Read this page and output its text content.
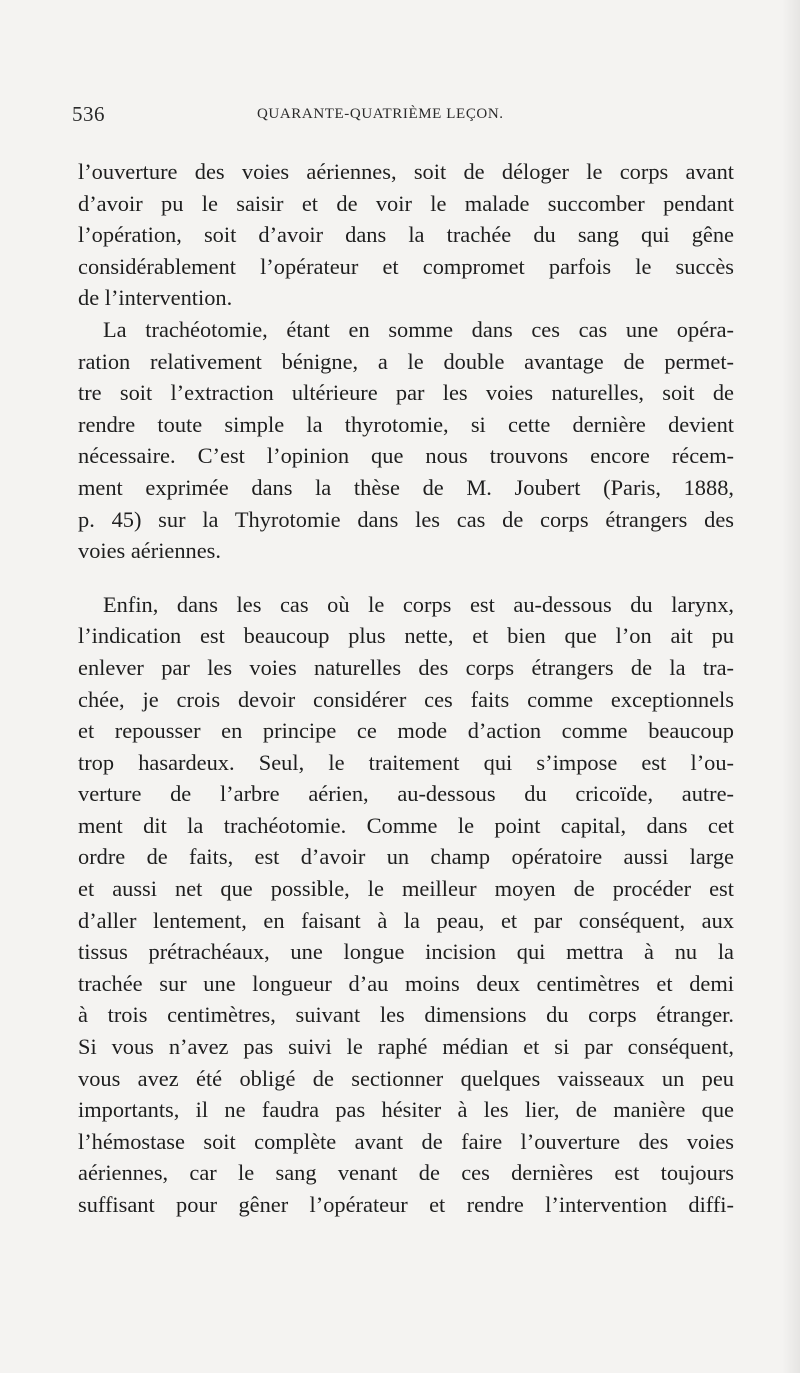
536	QUARANTE-QUATRIÈME LEÇON.

l’ouverture des voies aériennes, soit de déloger le corps avant
d’avoir pu le saisir et de voir le malade succomber pendant
l’opération, soit d’avoir dans la trachée du sang qui gêne
considérablement l’opérateur et compromet parfois le succès
de l’intervention.

La trachéotomie, étant en somme dans ces cas une opéra-
ration relativement bénigne, a le double avantage de permet-
tre soit l’extraction ultérieure par les voies naturelles, soit de
rendre toute simple la thyrotomie, si cette dernière devient
nécessaire. C’est l’opinion que nous trouvons encore récem-
ment exprimée dans la thèse de M. Joubert (Paris, 1888,
p. 45) sur la Thyrotomie dans les cas de corps étrangers des
voies aériennes.

Enfin, dans les cas où le corps est au-dessous du larynx,
l’indication est beaucoup plus nette, et bien que l’on ait pu
enlever par les voies naturelles des corps étrangers de la tra-
chée, je crois devoir considérer ces faits comme exceptionnels
et repousser en principe ce mode d’action comme beaucoup
trop hasardeux. Seul, le traitement qui s’impose est l’ou-
verture de l’arbre aérien, au-dessous du cricoïde, autre-
ment dit la trachéotomie. Comme le point capital, dans cet
ordre de faits, est d’avoir un champ opératoire aussi large
et aussi net que possible, le meilleur moyen de procéder est
d’aller lentement, en faisant à la peau, et par conséquent, aux
tissus prétrachéaux, une longue incision qui mettra à nu la
trachée sur une longueur d’au moins deux centimètres et demi
à trois centimètres, suivant les dimensions du corps étranger.
Si vous n’avez pas suivi le raphé médian et si par conséquent,
vous avez été obligé de sectionner quelques vaisseaux un peu
importants, il ne faudra pas hésiter à les lier, de manière que
l’hémostase soit complète avant de faire l’ouverture des voies
aériennes, car le sang venant de ces dernières est toujours
suffisant pour gêner l’opérateur et rendre l’intervention diffi-
